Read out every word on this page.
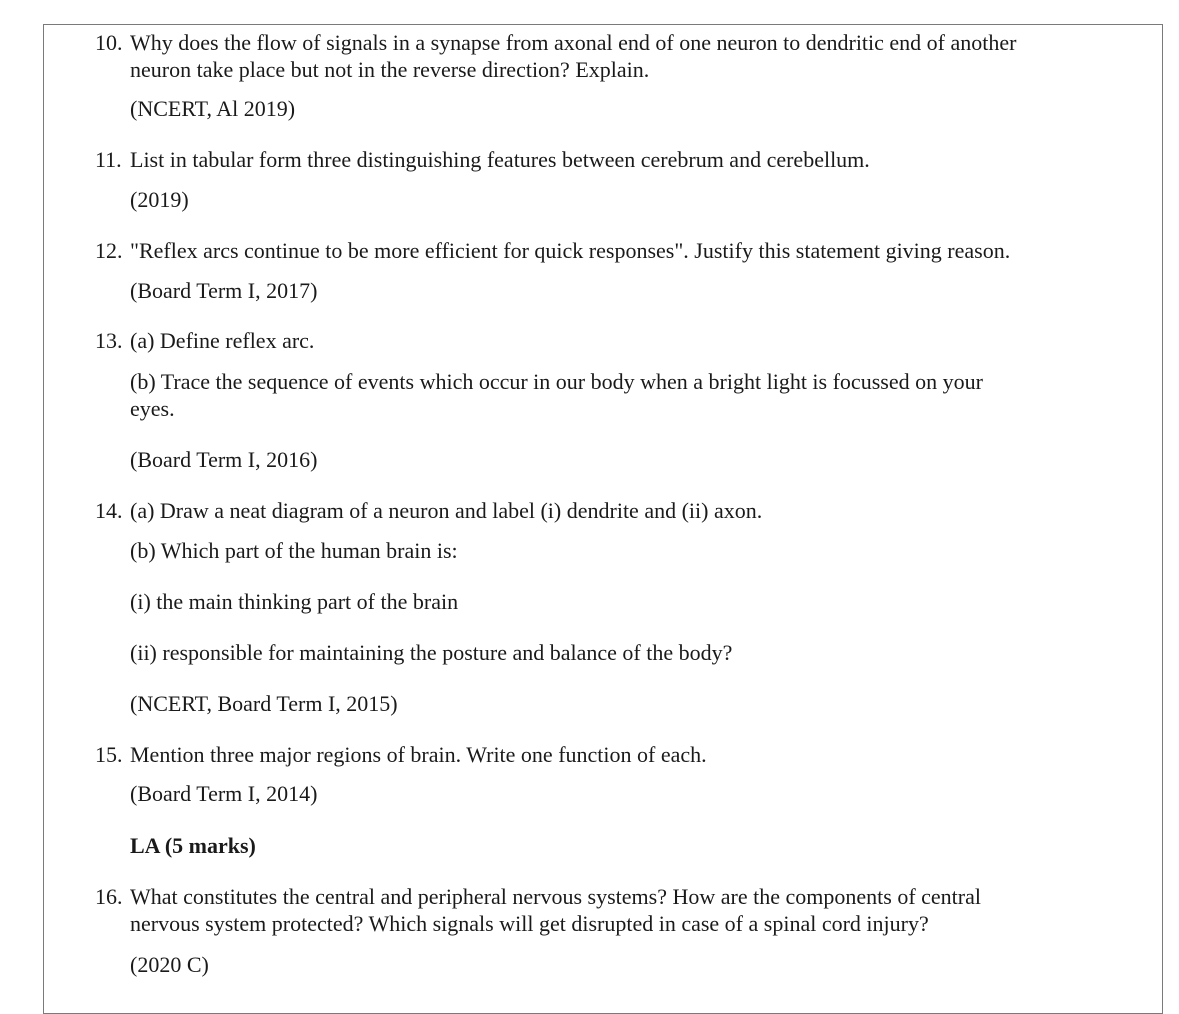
10. Why does the flow of signals in a synapse from axonal end of one neuron to dendritic end of another
neuron take place but not in the reverse direction? Explain.
(NCERT, Al 2019)
11. List in tabular form three distinguishing features between cerebrum and cerebellum.
(2019)
12. "Reflex arcs continue to be more efficient for quick responses". Justify this statement giving reason.
(Board Term I, 2017)
13. (a) Define reflex arc.
(b) Trace the sequence of events which occur in our body when a bright light is focussed on your
eyes.
(Board Term I, 2016)
14. (a) Draw a neat diagram of a neuron and label (i) dendrite and (ii) axon.
(b) Which part of the human brain is:
(i) the main thinking part of the brain
(ii) responsible for maintaining the posture and balance of the body?
(NCERT, Board Term I, 2015)
15. Mention three major regions of brain. Write one function of each.
(Board Term I, 2014)
LA (5 marks)
16. What constitutes the central and peripheral nervous systems? How are the components of central
nervous system protected? Which signals will get disrupted in case of a spinal cord injury?
(2020 C)
